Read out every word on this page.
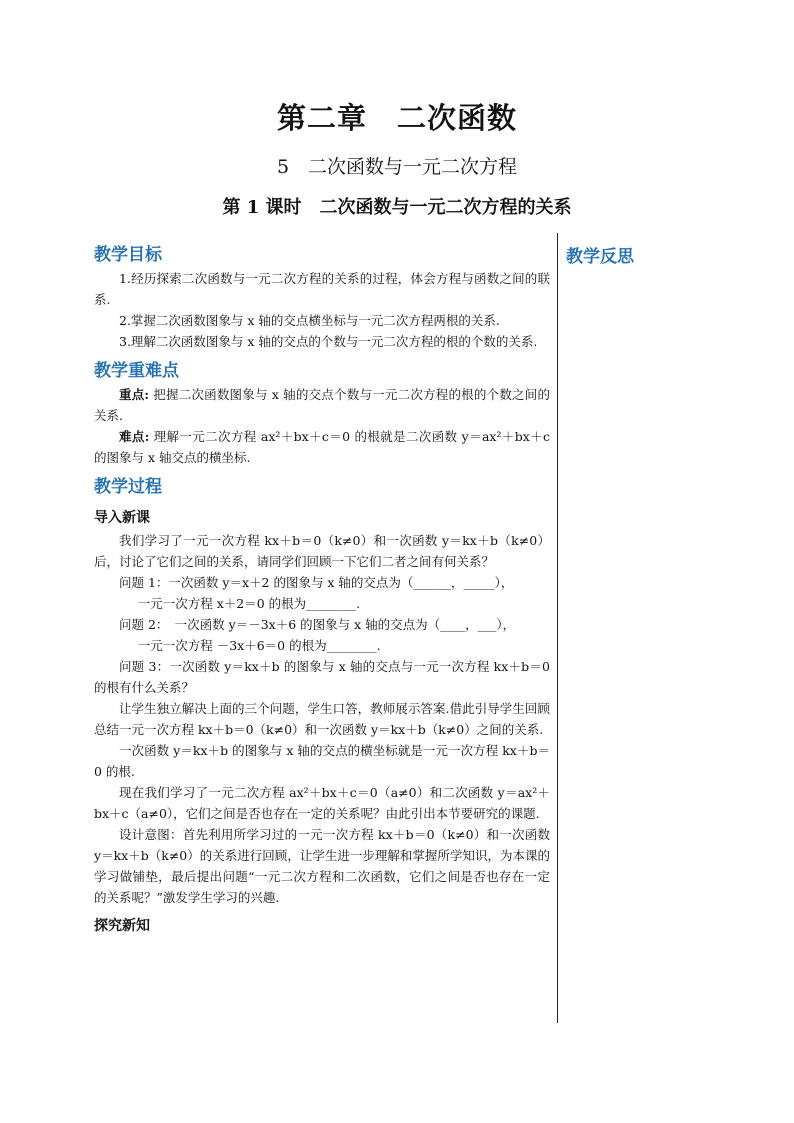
第二章　二次函数
5　二次函数与一元二次方程
第 1 课时　二次函数与一元二次方程的关系
教学反思
教学目标

1.经历探索二次函数与一元二次方程的关系的过程，体会方程与函数之间的联系.

2.掌握二次函数图象与 x 轴的交点横坐标与一元二次方程两根的关系.

3.理解二次函数图象与 x 轴的交点的个数与一元二次方程的根的个数的关系.

教学重难点

重点: 把握二次函数图象与 x 轴的交点个数与一元二次方程的根的个数之间的关系.

难点: 理解一元二次方程 ax²＋bx＋c＝0 的根就是二次函数 y＝ax²＋bx＋c 的图象与 x 轴交点的横坐标.

教学过程

导入新课

我们学习了一元一次方程 kx＋b＝0（k≠0）和一次函数 y＝kx＋b（k≠0）后，讨论了它们之间的关系，请同学们回顾一下它们二者之间有何关系？

问题 1：一次函数 y＝x＋2 的图象与 x 轴的交点为（______，_____），

一元一次方程 x＋2＝0 的根为________.

问题 2：　一次函数 y＝－3x＋6 的图象与 x 轴的交点为（____，___），

一元一次方程 －3x＋6＝0 的根为________.

问题 3：一次函数 y＝kx＋b 的图象与 x 轴的交点与一元一次方程 kx＋b＝0 的根有什么关系？

让学生独立解决上面的三个问题，学生口答，教师展示答案.借此引导学生回顾总结一元一次方程 kx＋b＝0（k≠0）和一次函数 y＝kx＋b（k≠0）之间的关系.

一次函数 y＝kx＋b 的图象与 x 轴的交点的横坐标就是一元一次方程 kx＋b＝0 的根.

现在我们学习了一元二次方程 ax²＋bx＋c＝0（a≠0）和二次函数 y＝ax²＋bx＋c（a≠0），它们之间是否也存在一定的关系呢？由此引出本节要研究的课题.

设计意图：首先利用所学习过的一元一次方程 kx＋b＝0（k≠0）和一次函数 y＝kx＋b（k≠0）的关系进行回顾，让学生进一步理解和掌握所学知识，为本课的学习做铺垫，最后提出问题“一元二次方程和二次函数，它们之间是否也存在一定的关系呢？”激发学生学习的兴趣.

探究新知
